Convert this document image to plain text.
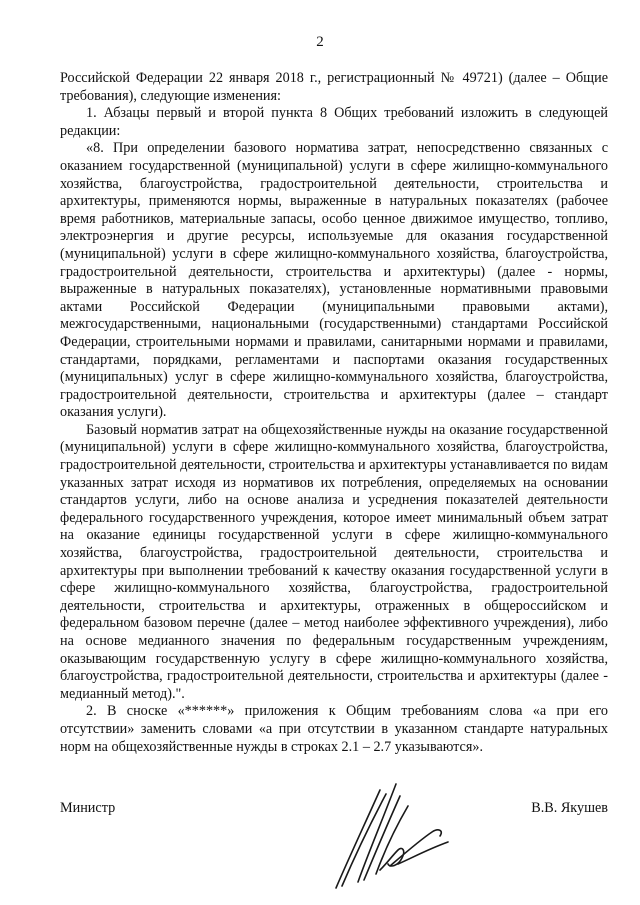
2

Российской Федерации 22 января 2018 г., регистрационный № 49721) (далее – Общие требования), следующие изменения:

1. Абзацы первый и второй пункта 8 Общих требований изложить в следующей редакции:

«8. При определении базового норматива затрат, непосредственно связанных с оказанием государственной (муниципальной) услуги в сфере жилищно-коммунального хозяйства, благоустройства, градостроительной деятельности, строительства и архитектуры, применяются нормы, выраженные в натуральных показателях (рабочее время работников, материальные запасы, особо ценное движимое имущество, топливо, электроэнергия и другие ресурсы, используемые для оказания государственной (муниципальной) услуги в сфере жилищно-коммунального хозяйства, благоустройства, градостроительной деятельности, строительства и архитектуры) (далее - нормы, выраженные в натуральных показателях), установленные нормативными правовыми актами Российской Федерации (муниципальными правовыми актами), межгосударственными, национальными (государственными) стандартами Российской Федерации, строительными нормами и правилами, санитарными нормами и правилами, стандартами, порядками, регламентами и паспортами оказания государственных (муниципальных) услуг в сфере жилищно-коммунального хозяйства, благоустройства, градостроительной деятельности, строительства и архитектуры (далее – стандарт оказания услуги).

Базовый норматив затрат на общехозяйственные нужды на оказание государственной (муниципальной) услуги в сфере жилищно-коммунального хозяйства, благоустройства, градостроительной деятельности, строительства и архитектуры устанавливается по видам указанных затрат исходя из нормативов их потребления, определяемых на основании стандартов услуги, либо на основе анализа и усреднения показателей деятельности федерального государственного учреждения, которое имеет минимальный объем затрат на оказание единицы государственной услуги в сфере жилищно-коммунального хозяйства, благоустройства, градостроительной деятельности, строительства и архитектуры при выполнении требований к качеству оказания государственной услуги в сфере жилищно-коммунального хозяйства, благоустройства, градостроительной деятельности, строительства и архитектуры, отраженных в общероссийском и федеральном базовом перечне (далее – метод наиболее эффективного учреждения), либо на основе медианного значения по федеральным государственным учреждениям, оказывающим государственную услугу в сфере жилищно-коммунального хозяйства, благоустройства, градостроительной деятельности, строительства и архитектуры (далее - медианный метод).".

2. В сноске «******» приложения к Общим требованиям слова «а при его отсутствии» заменить словами «а при отсутствии в указанном стандарте натуральных норм на общехозяйственные нужды в строках 2.1 – 2.7 указываются».

Министр	В.В. Якушев
